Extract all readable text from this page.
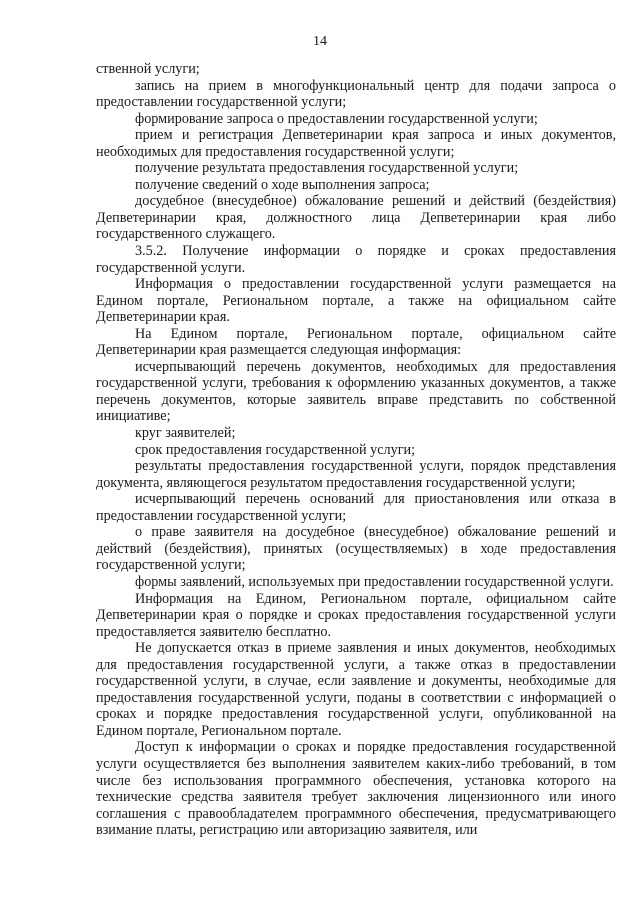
14

ственной услуги;

запись на прием в многофункциональный центр для подачи запроса о предоставлении государственной услуги;

формирование запроса о предоставлении государственной услуги;

прием и регистрация Депветеринарии края запроса и иных документов, необходимых для предоставления государственной услуги;

получение результата предоставления государственной услуги;

получение сведений о ходе выполнения запроса;

досудебное (внесудебное) обжалование решений и действий (бездействия) Депветеринарии края, должностного лица Депветеринарии края либо государственного служащего.

3.5.2. Получение информации о порядке и сроках предоставления государственной услуги.

Информация о предоставлении государственной услуги размещается на Едином портале, Региональном портале, а также на официальном сайте Депветеринарии края.

На Едином портале, Региональном портале, официальном сайте Депветеринарии края размещается следующая информация:

исчерпывающий перечень документов, необходимых для предоставления государственной услуги, требования к оформлению указанных документов, а также перечень документов, которые заявитель вправе представить по собственной инициативе;

круг заявителей;

срок предоставления государственной услуги;

результаты предоставления государственной услуги, порядок представления документа, являющегося результатом предоставления государственной услуги;

исчерпывающий перечень оснований для приостановления или отказа в предоставлении государственной услуги;

о праве заявителя на досудебное (внесудебное) обжалование решений и действий (бездействия), принятых (осуществляемых) в ходе предоставления государственной услуги;

формы заявлений, используемых при предоставлении государственной услуги.

Информация на Едином, Региональном портале, официальном сайте Депветеринарии края о порядке и сроках предоставления государственной услуги предоставляется заявителю бесплатно.

Не допускается отказ в приеме заявления и иных документов, необходимых для предоставления государственной услуги, а также отказ в предоставлении государственной услуги, в случае, если заявление и документы, необходимые для предоставления государственной услуги, поданы в соответствии с информацией о сроках и порядке предоставления государственной услуги, опубликованной на Едином портале, Региональном портале.

Доступ к информации о сроках и порядке предоставления государственной услуги осуществляется без выполнения заявителем каких-либо требований, в том числе без использования программного обеспечения, установка которого на технические средства заявителя требует заключения лицензионного или иного соглашения с правообладателем программного обеспечения, предусматривающего взимание платы, регистрацию или авторизацию заявителя, или
